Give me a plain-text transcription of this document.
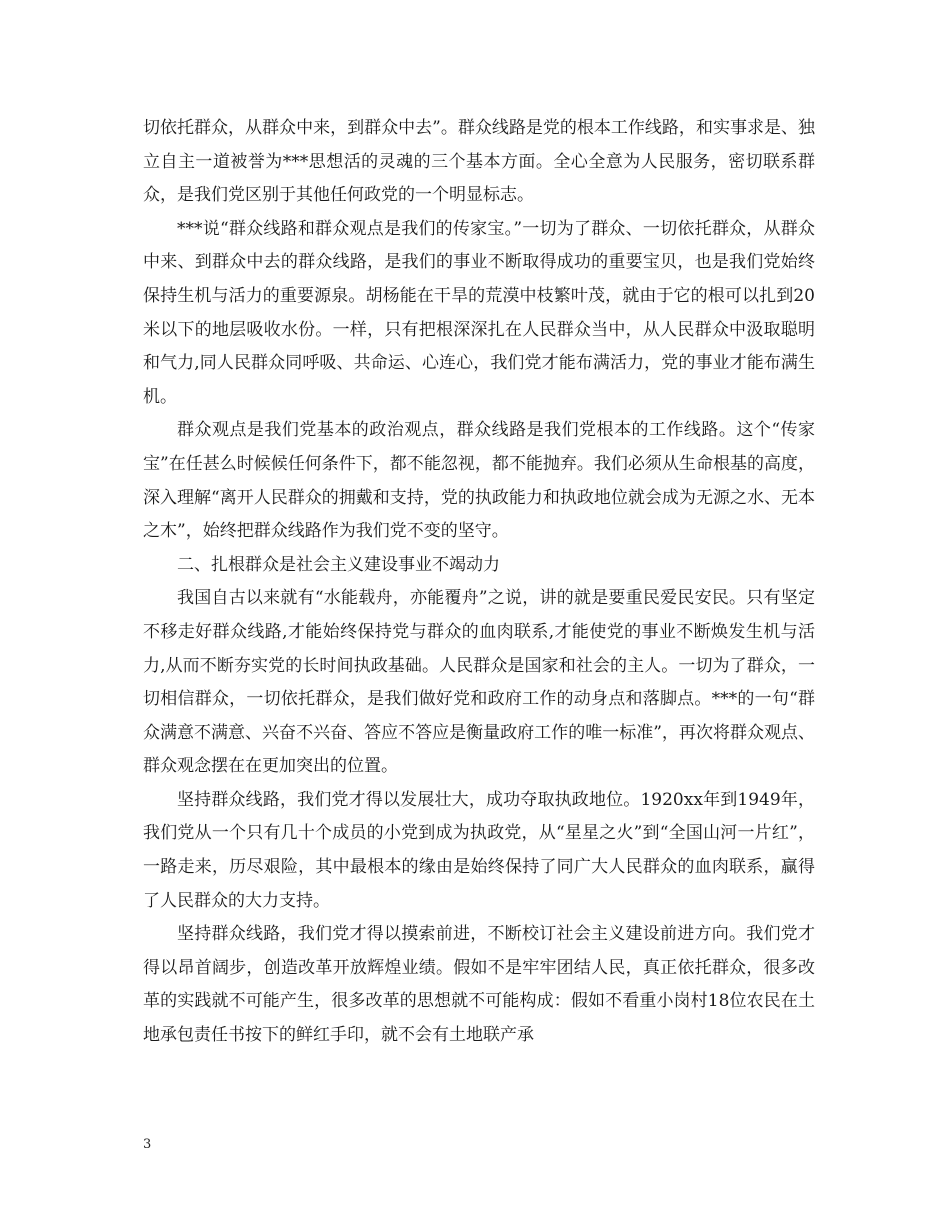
切依托群众，从群众中来，到群众中去”。群众线路是党的根本工作线路，和实事求是、独立自主一道被誉为***思想活的灵魂的三个基本方面。全心全意为人民服务，密切联系群众，是我们党区别于其他任何政党的一个明显标志。

***说“群众线路和群众观点是我们的传家宝。”一切为了群众、一切依托群众，从群众中来、到群众中去的群众线路，是我们的事业不断取得成功的重要宝贝，也是我们党始终保持生机与活力的重要源泉。胡杨能在干旱的荒漠中枝繁叶茂，就由于它的根可以扎到20米以下的地层吸收水份。一样，只有把根深深扎在人民群众当中，从人民群众中汲取聪明和气力,同人民群众同呼吸、共命运、心连心，我们党才能布满活力，党的事业才能布满生机。

群众观点是我们党基本的政治观点，群众线路是我们党根本的工作线路。这个“传家宝”在任甚么时候候任何条件下，都不能忽视，都不能抛弃。我们必须从生命根基的高度，深入理解“离开人民群众的拥戴和支持，党的执政能力和执政地位就会成为无源之水、无本之木”，始终把群众线路作为我们党不变的坚守。

二、扎根群众是社会主义建设事业不竭动力

我国自古以来就有“水能载舟，亦能覆舟”之说，讲的就是要重民爱民安民。只有坚定不移走好群众线路,才能始终保持党与群众的血肉联系,才能使党的事业不断焕发生机与活力,从而不断夯实党的长时间执政基础。人民群众是国家和社会的主人。一切为了群众，一切相信群众，一切依托群众，是我们做好党和政府工作的动身点和落脚点。***的一句“群众满意不满意、兴奋不兴奋、答应不答应是衡量政府工作的唯一标准”，再次将群众观点、群众观念摆在在更加突出的位置。

坚持群众线路，我们党才得以发展壮大，成功夺取执政地位。1920xx年到1949年，我们党从一个只有几十个成员的小党到成为执政党，从“星星之火”到“全国山河一片红”，一路走来，历尽艰险，其中最根本的缘由是始终保持了同广大人民群众的血肉联系，赢得了人民群众的大力支持。

坚持群众线路，我们党才得以摸索前进，不断校订社会主义建设前进方向。我们党才得以昂首阔步，创造改革开放辉煌业绩。假如不是牢牢团结人民，真正依托群众，很多改革的实践就不可能产生，很多改革的思想就不可能构成：假如不看重小岗村18位农民在土地承包责任书按下的鲜红手印，就不会有土地联产承

3
